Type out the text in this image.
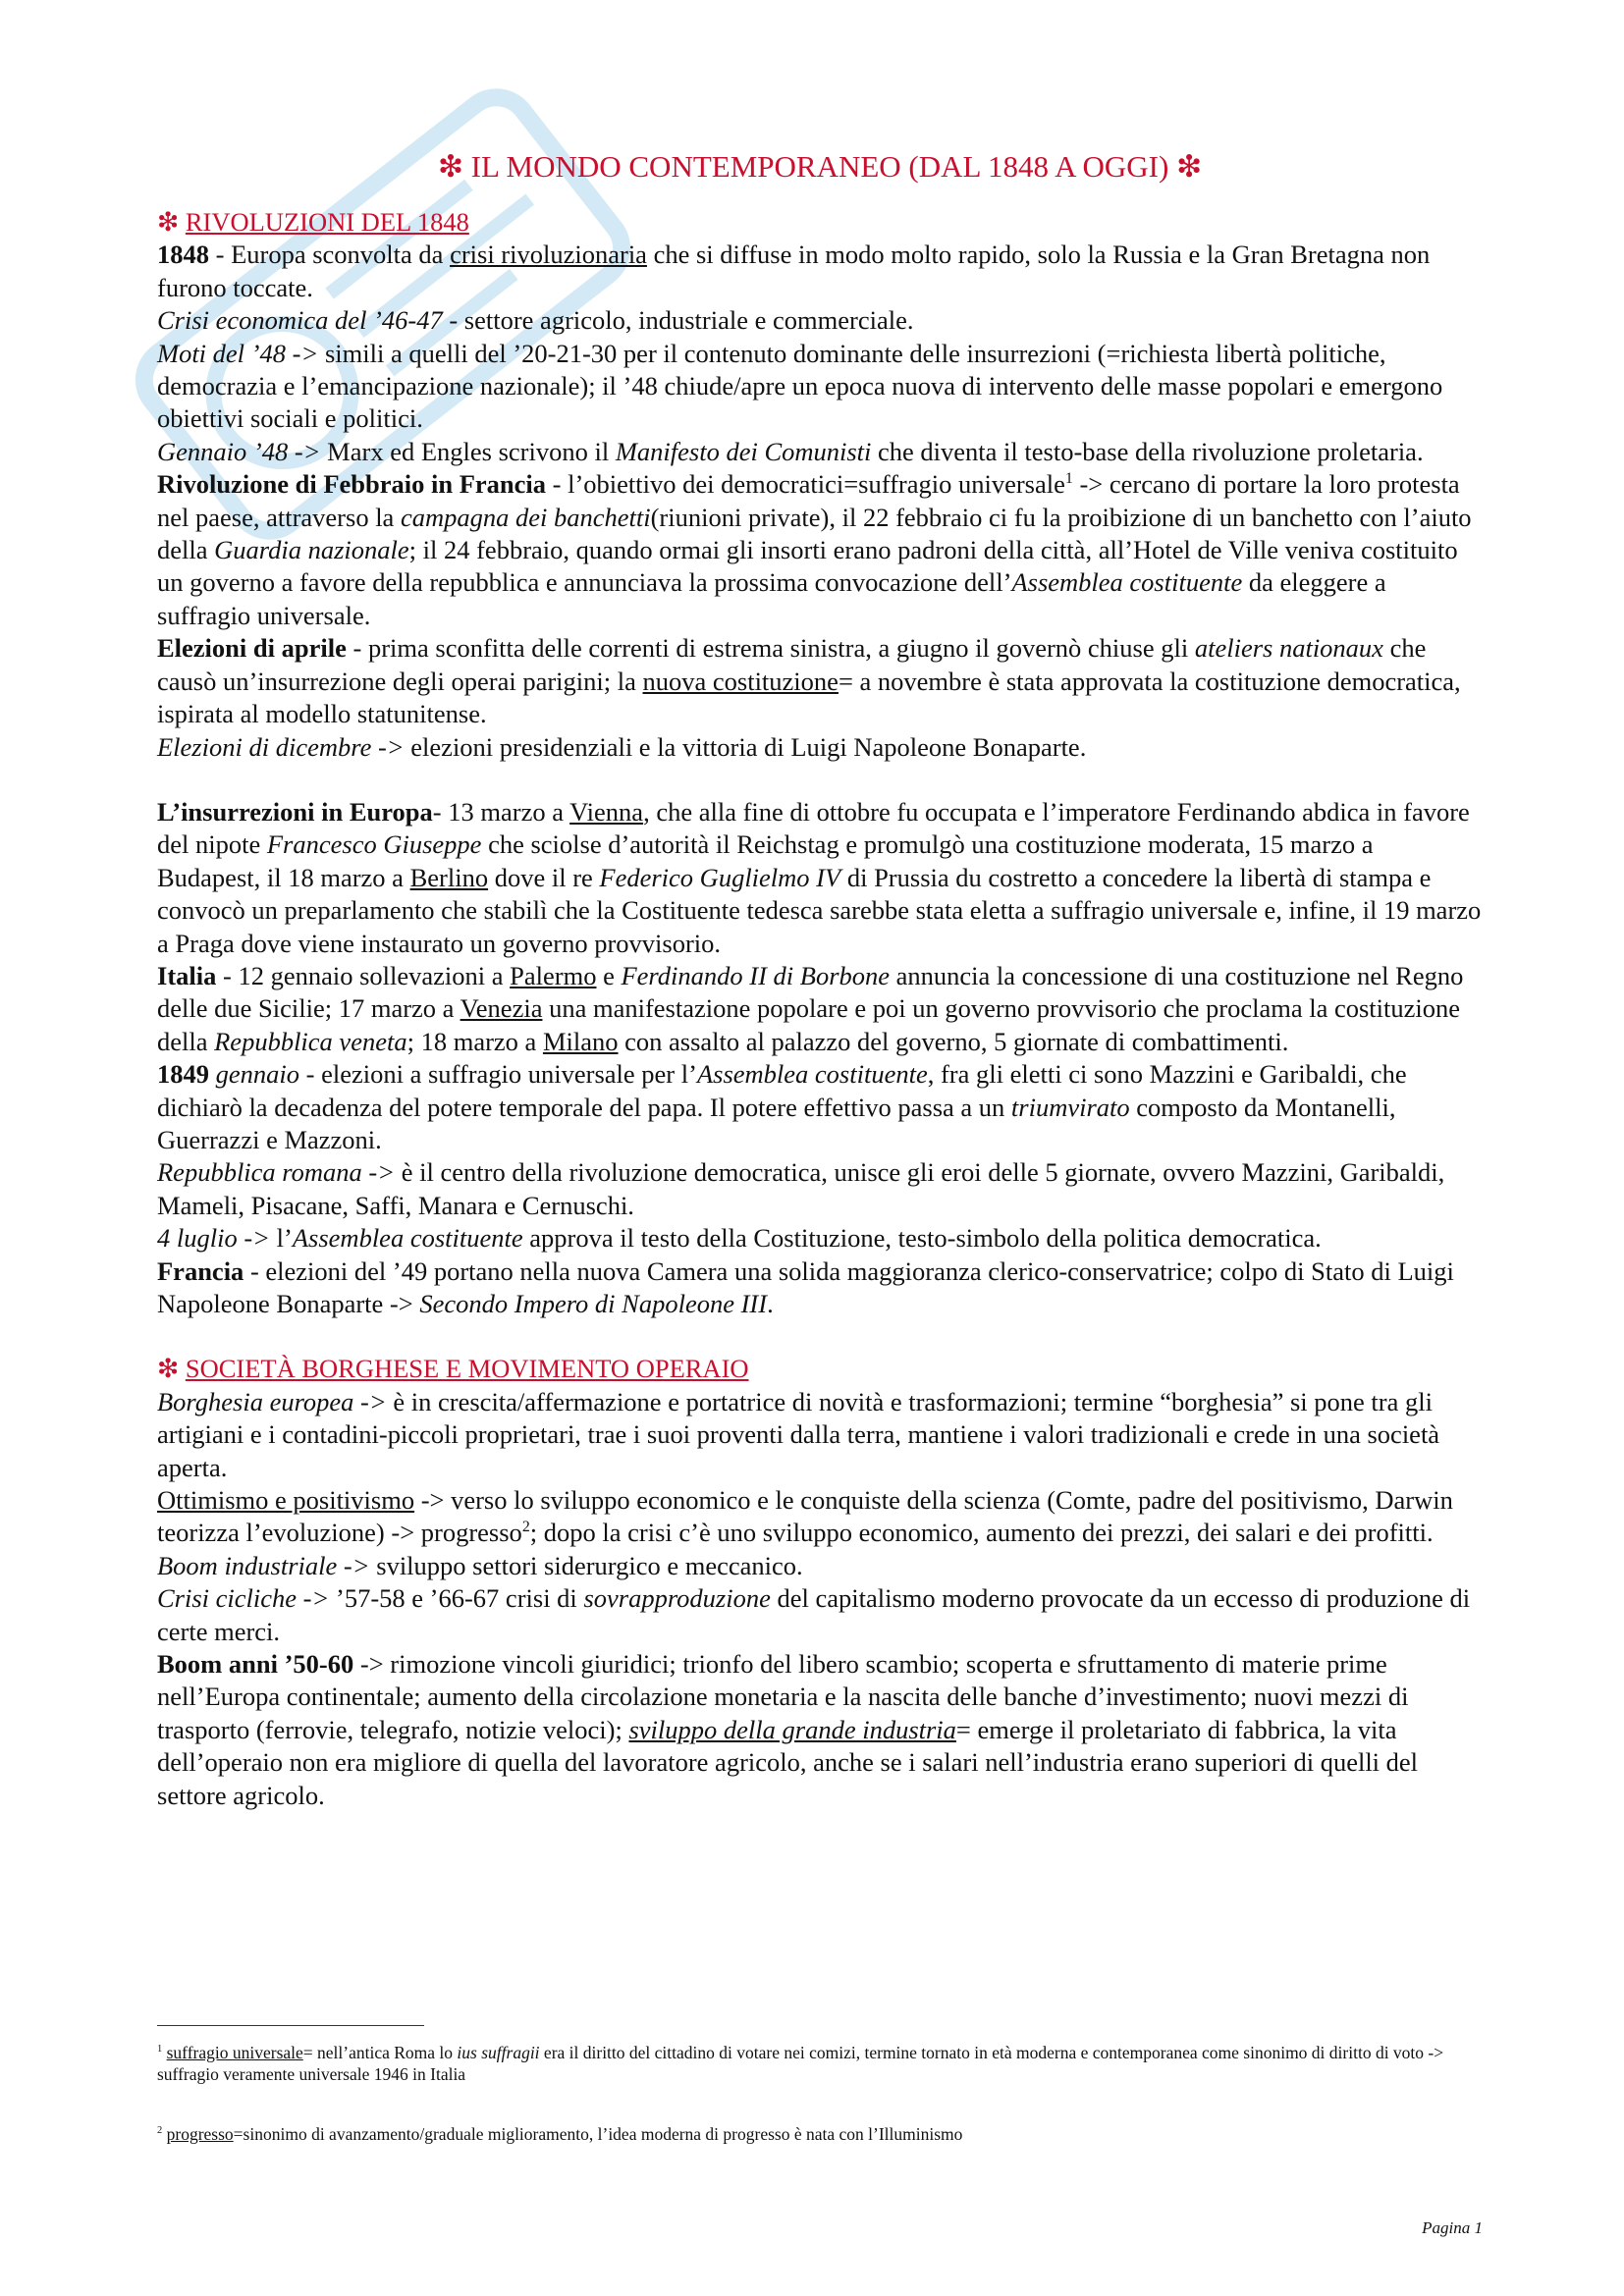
❇ IL MONDO CONTEMPORANEO (DAL 1848 A OGGI) ❇

❇ RIVOLUZIONI DEL 1848

1848 - Europa sconvolta da crisi rivoluzionaria che si diffuse in modo molto rapido, solo la Russia e la Gran Bretagna non furono toccate.

Crisi economica del ’46-47 - settore agricolo, industriale e commerciale.

Moti del ’48 -> simili a quelli del ’20-21-30 per il contenuto dominante delle insurrezioni (=richiesta libertà politiche, democrazia e l’emancipazione nazionale); il ’48 chiude/apre un epoca nuova di intervento delle masse popolari e emergono obiettivi sociali e politici.

Gennaio ’48 -> Marx ed Engles scrivono il Manifesto dei Comunisti che diventa il testo-base della rivoluzione proletaria.

Rivoluzione di Febbraio in Francia - l’obiettivo dei democratici=suffragio universale$^1$ -> cercano di portare la loro protesta nel paese, attraverso la campagna dei banchetti(riunioni private), il 22 febbraio ci fu la proibizione di un banchetto con l’aiuto della Guardia nazionale; il 24 febbraio, quando ormai gli insorti erano padroni della città, all’Hotel de Ville veniva costituito un governo a favore della repubblica e annunciava la prossima convocazione dell’Assemblea costituente da eleggere a suffragio universale.

Elezioni di aprile - prima sconfitta delle correnti di estrema sinistra, a giugno il governò chiuse gli ateliers nationaux che causò un’insurrezione degli operai parigini; la nuova costituzione= a novembre è stata approvata la costituzione democratica, ispirata al modello statunitense.

Elezioni di dicembre -> elezioni presidenziali e la vittoria di Luigi Napoleone Bonaparte.

L’insurrezioni in Europa- 13 marzo a Vienna, che alla fine di ottobre fu occupata e l’imperatore Ferdinando abdica in favore del nipote Francesco Giuseppe che sciolse d’autorità il Reichstag e promulgò una costituzione moderata, 15 marzo a Budapest, il 18 marzo a Berlino dove il re Federico Guglielmo IV di Prussia du costretto a concedere la libertà di stampa e convocò un preparlamento che stabilì che la Costituente tedesca sarebbe stata eletta a suffragio universale e, infine, il 19 marzo a Praga dove viene instaurato un governo provvisorio.

Italia - 12 gennaio sollevazioni a Palermo e Ferdinando II di Borbone annuncia la concessione di una costituzione nel Regno delle due Sicilie; 17 marzo a Venezia una manifestazione popolare e poi un governo provvisorio che proclama la costituzione della Repubblica veneta; 18 marzo a Milano con assalto al palazzo del governo, 5 giornate di combattimenti.

1849 gennaio - elezioni a suffragio universale per l’Assemblea costituente, fra gli eletti ci sono Mazzini e Garibaldi, che dichiarò la decadenza del potere temporale del papa. Il potere effettivo passa a un triumvirato composto da Montanelli, Guerrazzi e Mazzoni.

Repubblica romana -> è il centro della rivoluzione democratica, unisce gli eroi delle 5 giornate, ovvero Mazzini, Garibaldi, Mameli, Pisacane, Saffi, Manara e Cernuschi.

4 luglio -> l’Assemblea costituente approva il testo della Costituzione, testo-simbolo della politica democratica.

Francia - elezioni del ’49 portano nella nuova Camera una solida maggioranza clerico-conservatrice; colpo di Stato di Luigi Napoleone Bonaparte -> Secondo Impero di Napoleone III.

❇ SOCIETÀ BORGHESE E MOVIMENTO OPERAIO

Borghesia europea -> è in crescita/affermazione e portatrice di novità e trasformazioni; termine “borghesia” si pone tra gli artigiani e i contadini-piccoli proprietari, trae i suoi proventi dalla terra, mantiene i valori tradizionali e crede in una società aperta.

Ottimismo e positivismo -> verso lo sviluppo economico e le conquiste della scienza (Comte, padre del positivismo, Darwin teorizza l’evoluzione) -> progresso$^2$; dopo la crisi c’è uno sviluppo economico, aumento dei prezzi, dei salari e dei profitti.

Boom industriale -> sviluppo settori siderurgico e meccanico.

Crisi cicliche -> ’57-58 e ’66-67 crisi di sovrapproduzione del capitalismo moderno provocate da un eccesso di produzione di certe merci.

Boom anni ’50-60 -> rimozione vincoli giuridici; trionfo del libero scambio; scoperta e sfruttamento di materie prime nell’Europa continentale; aumento della circolazione monetaria e la nascita delle banche d’investimento; nuovi mezzi di trasporto (ferrovie, telegrafo, notizie veloci); sviluppo della grande industria= emerge il proletariato di fabbrica, la vita dell’operaio non era migliore di quella del lavoratore agricolo, anche se i salari nell’industria erano superiori di quelli del settore agricolo.

$^1$ suffragio universale= nell’antica Roma lo ius suffragii era il diritto del cittadino di votare nei comizi, termine tornato in età moderna e contemporanea come sinonimo di diritto di voto -> suffragio veramente universale 1946 in Italia

$^2$ progresso=sinonimo di avanzamento/graduale miglioramento, l’idea moderna di progresso è nata con l’Illuminismo

Pagina 1
